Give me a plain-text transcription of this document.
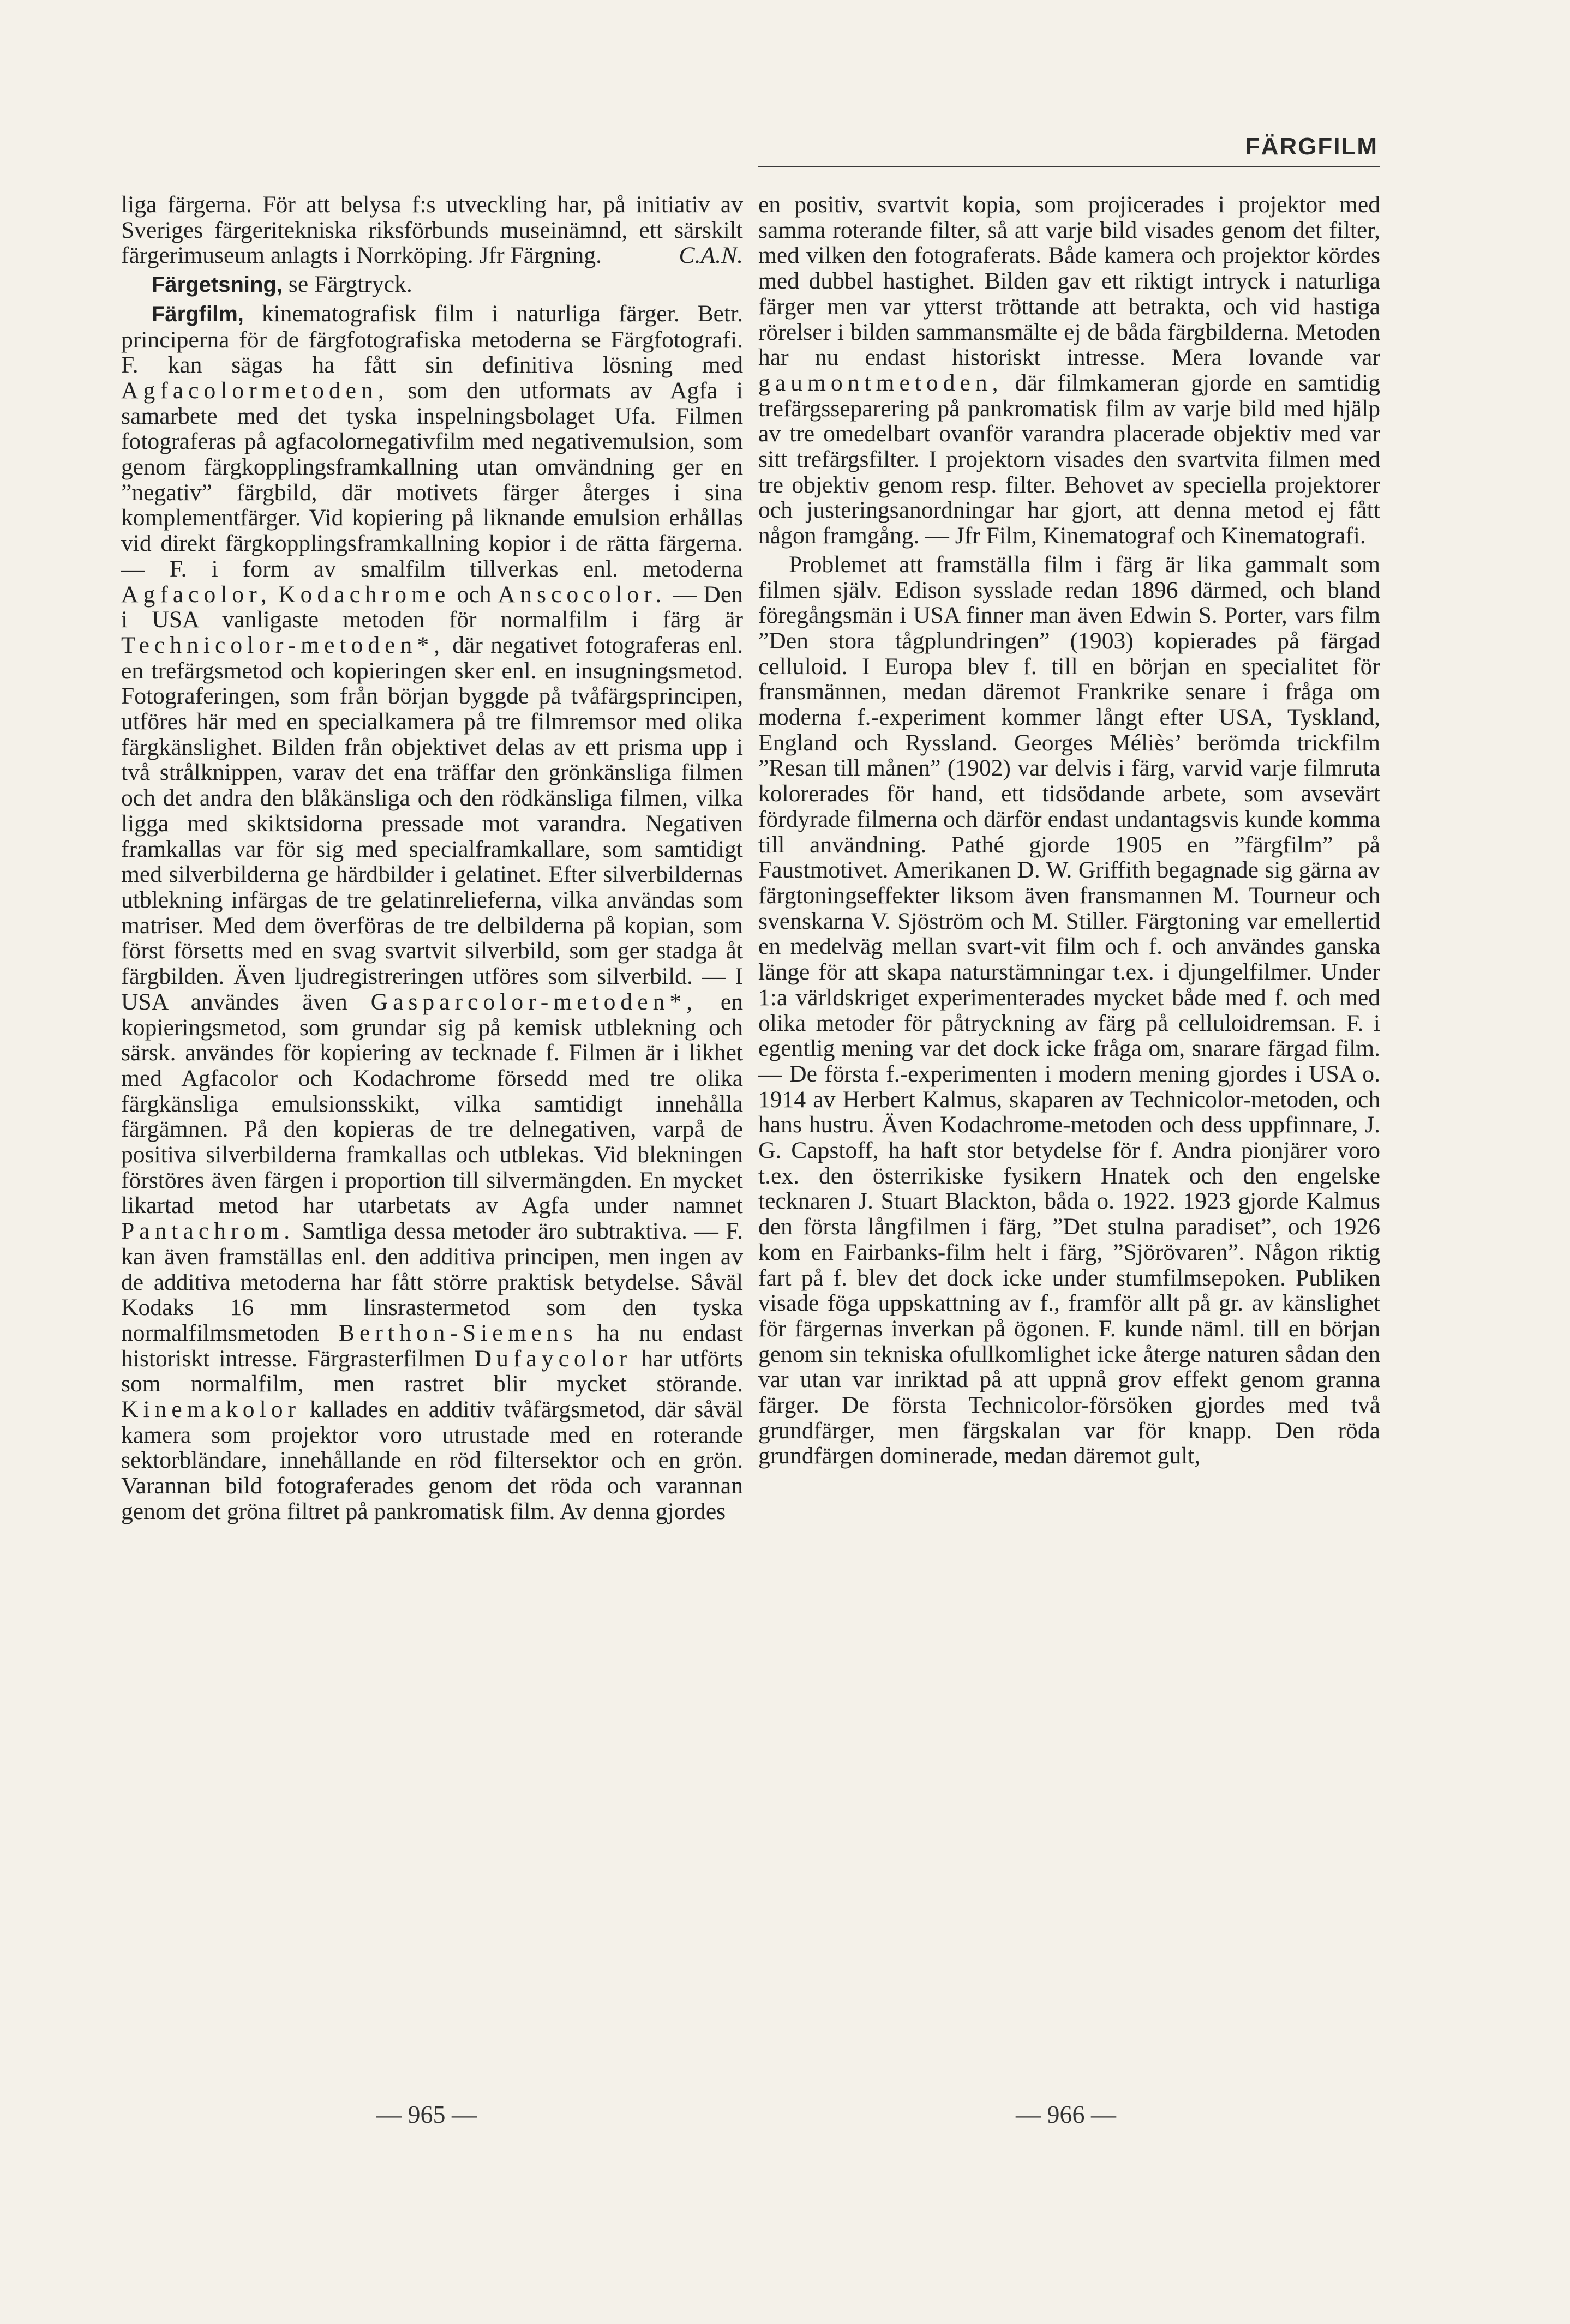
FÄRGFILM

liga färgerna. För att belysa f:s utveckling har, på initiativ av Sveriges färgeritekniska riksförbunds museinämnd, ett särskilt färgerimuseum anlagts i Norrköping. Jfr Färgning.	C.A.N.

Färgetsning, se Färgtryck.

Färgfilm, kinematografisk film i naturliga färger. Betr. principerna för de färgfotografiska metoderna se Färgfotografi. F. kan sägas ha fått sin definitiva lösning med Agfacolormetoden, som den utformats av Agfa i samarbete med det tyska inspelningsbolaget Ufa. Filmen fotograferas på agfacolornegativfilm med negativemulsion, som genom färgkopplingsframkallning utan omvändning ger en ”negativ” färgbild, där motivets färger återges i sina komplementfärger. Vid kopiering på liknande emulsion erhållas vid direkt färgkopplingsframkallning kopior i de rätta färgerna. — F. i form av smalfilm tillverkas enl. metoderna Agfacolor, Kodachrome och Anscocolor. — Den i USA vanligaste metoden för normalfilm i färg är Technicolor-metoden*, där negativet fotograferas enl. en trefärgsmetod och kopieringen sker enl. en insugningsmetod. Fotograferingen, som från början byggde på tvåfärgsprincipen, utföres här med en specialkamera på tre filmremsor med olika färgkänslighet. Bilden från objektivet delas av ett prisma upp i två strålknippen, varav det ena träffar den grönkänsliga filmen och det andra den blåkänsliga och den rödkänsliga filmen, vilka ligga med skiktsidorna pressade mot varandra. Negativen framkallas var för sig med specialframkallare, som samtidigt med silverbilderna ge härdbilder i gelatinet. Efter silverbildernas utblekning infärgas de tre gelatinrelieferna, vilka användas som matriser. Med dem överföras de tre delbilderna på kopian, som först försetts med en svag svartvit silverbild, som ger stadga åt färgbilden. Även ljudregistreringen utföres som silverbild. — I USA användes även Gasparcolor-metoden*, en kopieringsmetod, som grundar sig på kemisk utblekning och särsk. användes för kopiering av tecknade f. Filmen är i likhet med Agfacolor och Kodachrome försedd med tre olika färgkänsliga emulsionsskikt, vilka samtidigt innehålla färgämnen. På den kopieras de tre delnegativen, varpå de positiva silverbilderna framkallas och utblekas. Vid blekningen förstöres även färgen i proportion till silvermängden. En mycket likartad metod har utarbetats av Agfa under namnet Pantachrom. Samtliga dessa metoder äro subtraktiva. — F. kan även framställas enl. den additiva principen, men ingen av de additiva metoderna har fått större praktisk betydelse. Såväl Kodaks 16 mm linsrastermetod som den tyska normalfilmsmetoden Berthon-Siemens ha nu endast historiskt intresse. Färgrasterfilmen Dufaycolor har utförts som normalfilm, men rastret blir mycket störande. Kinemakolor kallades en additiv tvåfärgsmetod, där såväl kamera som projektor voro utrustade med en roterande sektorbländare, innehållande en röd filtersektor och en grön. Varannan bild fotograferades genom det röda och varannan genom det gröna filtret på pankromatisk film. Av denna gjordes

en positiv, svartvit kopia, som projicerades i projektor med samma roterande filter, så att varje bild visades genom det filter, med vilken den fotograferats. Både kamera och projektor kördes med dubbel hastighet. Bilden gav ett riktigt intryck i naturliga färger men var ytterst tröttande att betrakta, och vid hastiga rörelser i bilden sammansmälte ej de båda färgbilderna. Metoden har nu endast historiskt intresse. Mera lovande var gaumontmetoden, där filmkameran gjorde en samtidig trefärgsseparering på pankromatisk film av varje bild med hjälp av tre omedelbart ovanför varandra placerade objektiv med var sitt trefärgsfilter. I projektorn visades den svartvita filmen med tre objektiv genom resp. filter. Behovet av speciella projektorer och justeringsanordningar har gjort, att denna metod ej fått någon framgång. — Jfr Film, Kinematograf och Kinematografi.

Problemet att framställa film i färg är lika gammalt som filmen själv. Edison sysslade redan 1896 därmed, och bland föregångsmän i USA finner man även Edwin S. Porter, vars film ”Den stora tågplundringen” (1903) kopierades på färgad celluloid. I Europa blev f. till en början en specialitet för fransmännen, medan däremot Frankrike senare i fråga om moderna f.-experiment kommer långt efter USA, Tyskland, England och Ryssland. Georges Méliès’ berömda trickfilm ”Resan till månen” (1902) var delvis i färg, varvid varje filmruta kolorerades för hand, ett tidsödande arbete, som avsevärt fördyrade filmerna och därför endast undantagsvis kunde komma till användning. Pathé gjorde 1905 en ”färgfilm” på Faustmotivet. Amerikanen D. W. Griffith begagnade sig gärna av färgtoningseffekter liksom även fransmannen M. Tourneur och svenskarna V. Sjöström och M. Stiller. Färgtoning var emellertid en medelväg mellan svart-vit film och f. och användes ganska länge för att skapa naturstämningar t.ex. i djungelfilmer. Under 1:a världskriget experimenterades mycket både med f. och med olika metoder för påtryckning av färg på celluloidremsan. F. i egentlig mening var det dock icke fråga om, snarare färgad film. — De första f.-experimenten i modern mening gjordes i USA o. 1914 av Herbert Kalmus, skaparen av Technicolor-metoden, och hans hustru. Även Kodachrome-metoden och dess uppfinnare, J. G. Capstoff, ha haft stor betydelse för f. Andra pionjärer voro t.ex. den österrikiske fysikern Hnatek och den engelske tecknaren J. Stuart Blackton, båda o. 1922. 1923 gjorde Kalmus den första långfilmen i färg, ”Det stulna paradiset”, och 1926 kom en Fairbanks-film helt i färg, ”Sjörövaren”. Någon riktig fart på f. blev det dock icke under stumfilmsepoken. Publiken visade föga uppskattning av f., framför allt på gr. av känslighet för färgernas inverkan på ögonen. F. kunde näml. till en början genom sin tekniska ofullkomlighet icke återge naturen sådan den var utan var inriktad på att uppnå grov effekt genom granna färger. De första Technicolor-försöken gjordes med två grundfärger, men färgskalan var för knapp. Den röda grundfärgen dominerade, medan däremot gult,

— 965 —	— 966 —
